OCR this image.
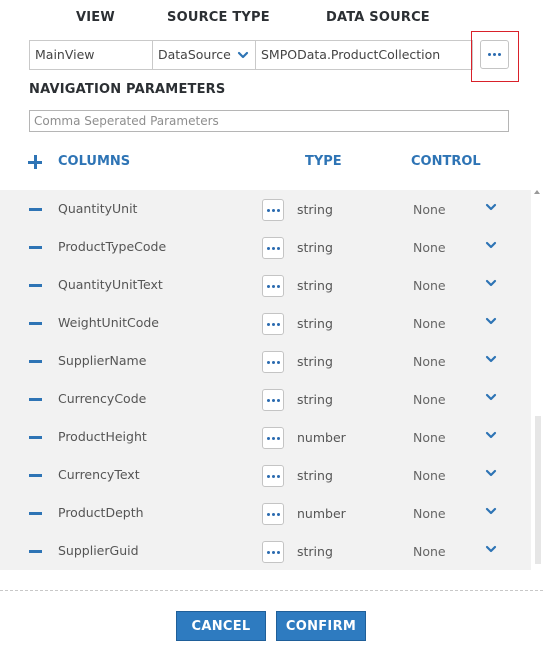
VIEW	SOURCE TYPE	DATA SOURCE
MainView	DataSource	SMPOData.ProductCollection
NAVIGATION PARAMETERS
Comma Seperated Parameters
COLUMNS	TYPE	CONTROL
QuantityUnit	string	None
ProductTypeCode	string	None
QuantityUnitText	string	None
WeightUnitCode	string	None
SupplierName	string	None
CurrencyCode	string	None
ProductHeight	number	None
CurrencyText	string	None
ProductDepth	number	None
SupplierGuid	string	None
CANCEL	CONFIRM
